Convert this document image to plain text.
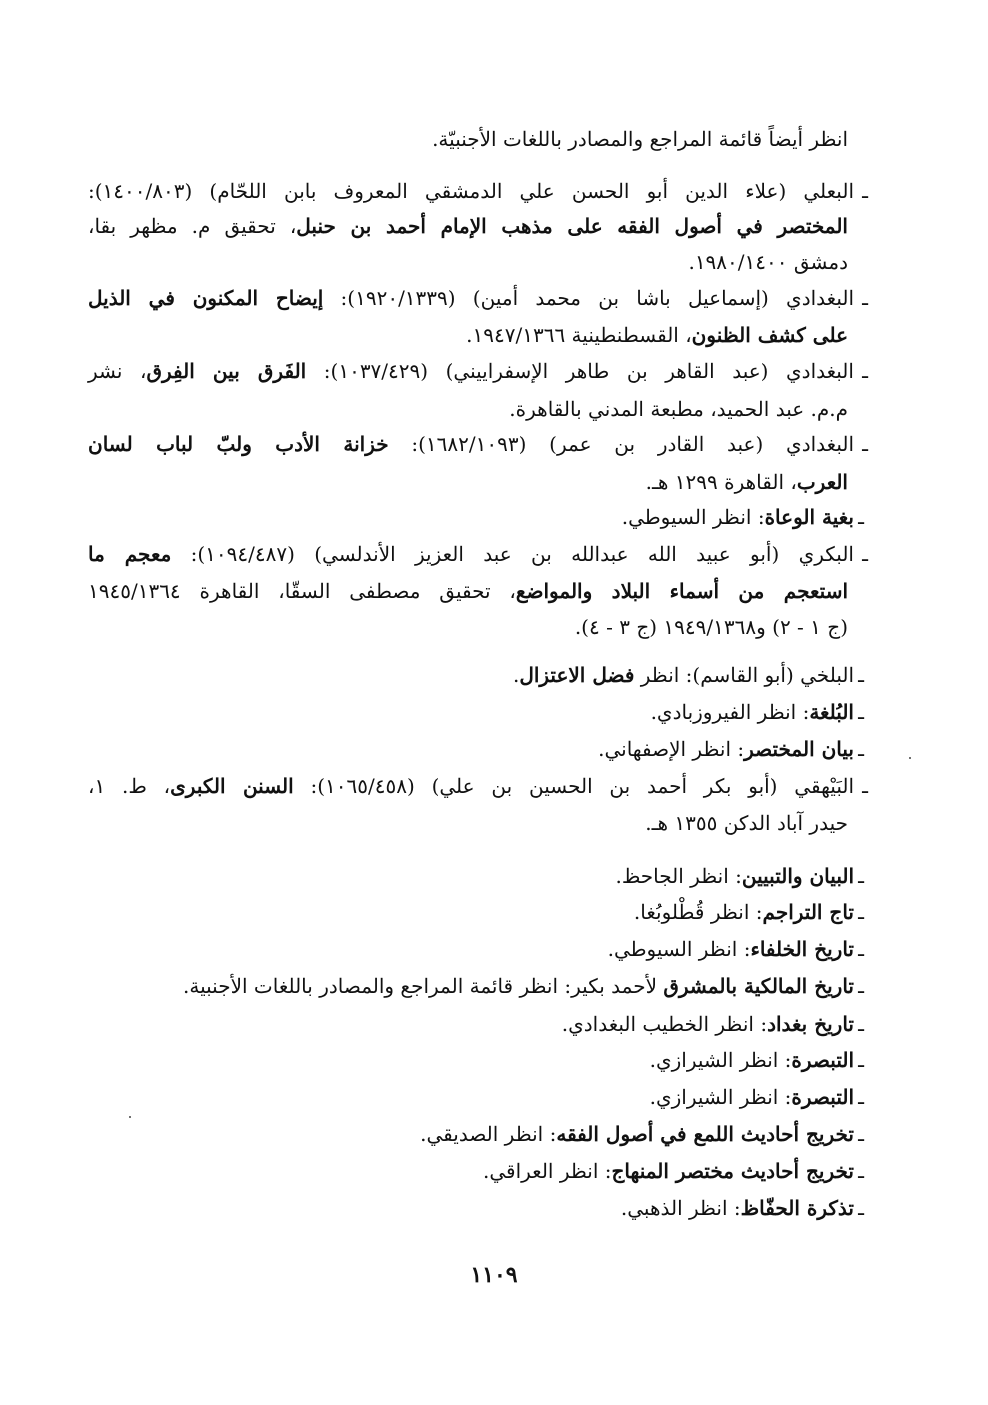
انظر أيضاً قائمة المراجع والمصادر باللغات الأجنبيّة.
ـالبعلي (علاء الدين أبو الحسن علي الدمشقي المعروف بابن اللحّام) (١٤٠٠/٨٠٣):
المختصر في أصول الفقه على مذهب الإمام أحمد بن حنبل، تحقيق م. مظهر بقا،
دمشق ١٩٨٠/١٤٠٠.
ـالبغدادي (إسماعيل باشا بن محمد أمين) (١٩٢٠/١٣٣٩): إيضاح المكنون في الذيل
على كشف الظنون، القسطنطينية ١٩٤٧/١٣٦٦.
ـالبغدادي (عبد القاهر بن طاهر الإسفراييني) (١٠٣٧/٤٢٩): الفَرق بين الفِرق، نشر
م.م. عبد الحميد، مطبعة المدني بالقاهرة.
ـالبغدادي (عبد القادر بن عمر) (١٦٨٢/١٠٩٣): خزانة الأدب ولبّ لباب لسان
العرب، القاهرة ١٢٩٩ هـ.
ـبغية الوعاة: انظر السيوطي.
ـالبكري (أبو عبيد الله عبدالله بن عبد العزيز الأندلسي) (١٠٩٤/٤٨٧): معجم ما
استعجم من أسماء البلاد والمواضع، تحقيق مصطفى السقّا، القاهرة ١٩٤٥/١٣٦٤
(ج ١ - ٢) و١٩٤٩/١٣٦٨ (ج ٣ - ٤).
ـالبلخي (أبو القاسم): انظر فضل الاعتزال.
ـالبُلغة: انظر الفيروزبادي.
ـبيان المختصر: انظر الإصفهاني.
ـالبَيْهقي (أبو بكر أحمد بن الحسين بن علي) (١٠٦٥/٤٥٨): السنن الكبرى، ط. ١،
حيدر آباد الدكن ١٣٥٥ هـ.
ـالبيان والتبيين: انظر الجاحظ.
ـتاج التراجم: انظر قُطْلوبُغا.
ـتاريخ الخلفاء: انظر السيوطي.
ـتاريخ المالكية بالمشرق لأحمد بكير: انظر قائمة المراجع والمصادر باللغات الأجنبية.
ـتاريخ بغداد: انظر الخطيب البغدادي.
ـالتبصرة: انظر الشيرازي.
ـالتبصرة: انظر الشيرازي.
ـتخريج أحاديث اللمع في أصول الفقه: انظر الصديقي.
ـتخريج أحاديث مختصر المنهاج: انظر العراقي.
ـتذكرة الحفّاظ: انظر الذهبي.
١١٠٩
